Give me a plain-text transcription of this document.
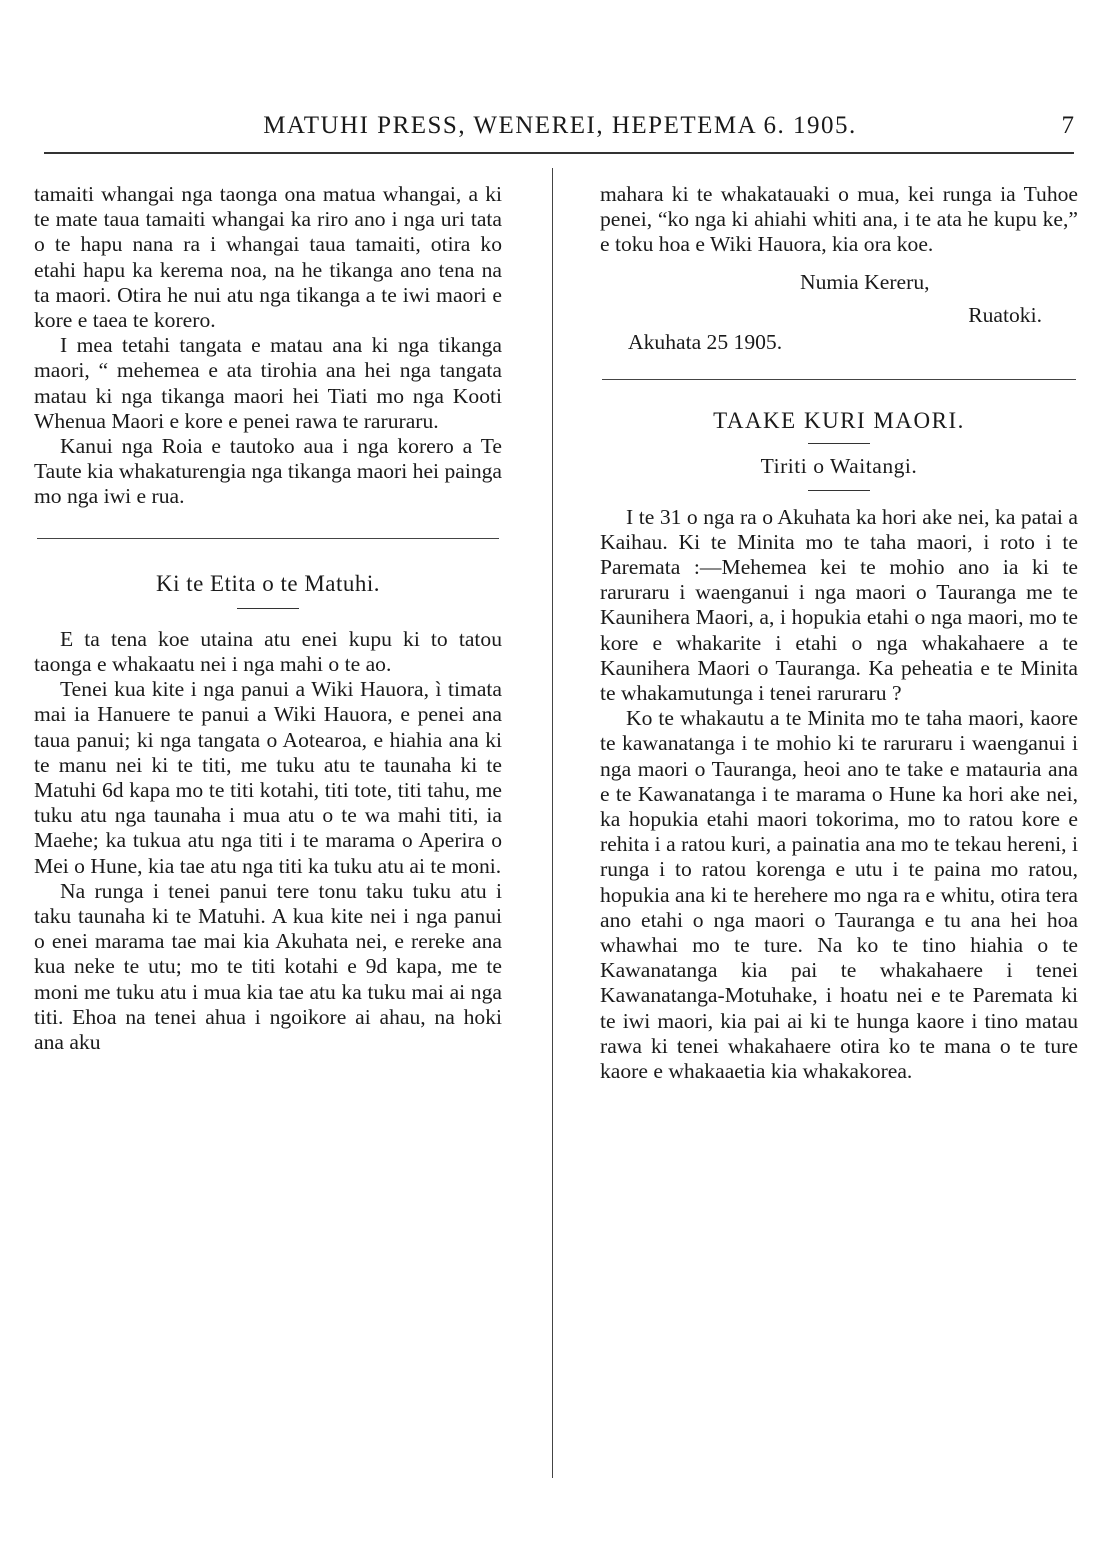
MATUHI PRESS, WENEREI, HEPETEMA 6. 1905.	7

tamaiti whangai nga taonga ona matua whangai, a ki te mate taua tamaiti whangai ka riro ano i nga uri tata o te hapu nana ra i whangai taua tamaiti, otira ko etahi hapu ka kerema noa, na he tikanga ano tena na ta maori. Otira he nui atu nga tikanga a te iwi maori e kore e taea te korero.

I mea tetahi tangata e matau ana ki nga tikanga maori, “ mehemea e ata tirohia ana hei nga tangata matau ki nga tikanga maori hei Tiati mo nga Kooti Whenua Maori e kore e penei rawa te raruraru.

Kanui nga Roia e tautoko aua i nga korero a Te Taute kia whakaturengia nga tikanga maori hei painga mo nga iwi e rua.

Ki te Etita o te Matuhi.

E ta tena koe utaina atu enei kupu ki to tatou taonga e whakaatu nei i nga mahi o te ao.

Tenei kua kite i nga panui a Wiki Hauora, ì timata mai ia Hanuere te panui a Wiki Hauora, e penei ana taua panui; ki nga tangata o Aotearoa, e hiahia ana ki te manu nei ki te titi, me tuku atu te taunaha ki te Matuhi 6d kapa mo te titi kotahi, titi tote, titi tahu, me tuku atu nga taunaha i mua atu o te wa mahi titi, ia Maehe; ka tukua atu nga titi i te marama o Aperira o Mei o Hune, kia tae atu nga titi ka tuku atu ai te moni.

Na runga i tenei panui tere tonu taku tuku atu i taku taunaha ki te Matuhi. A kua kite nei i nga panui o enei marama tae mai kia Akuhata nei, e rereke ana kua neke te utu; mo te titi kotahi e 9d kapa, me te moni me tuku atu i mua kia tae atu ka tuku mai ai nga titi. Ehoa na tenei ahua i ngoikore ai ahau, na hoki ana aku

mahara ki te whakatauaki o mua, kei runga ia Tuhoe penei, “ko nga ki ahiahi whiti ana, i te ata he kupu ke,” e toku hoa e Wiki Hauora, kia ora koe.

Numia Kereru,
Ruatoki.
Akuhata 25 1905.
TAAKE KURI MAORI.
Tiriti o Waitangi.

I te 31 o nga ra o Akuhata ka hori ake nei, ka patai a Kaihau. Ki te Minita mo te taha maori, i roto i te Paremata :—Mehemea kei te mohio ano ia ki te raruraru i waenganui i nga maori o Tauranga me te Kaunihera Maori, a, i hopukia etahi o nga maori, mo te kore e whakarite i etahi o nga whakahaere a te Kaunihera Maori o Tauranga. Ka peheatia e te Minita te whakamutunga i tenei raruraru ?

Ko te whakautu a te Minita mo te taha maori, kaore te kawanatanga i te mohio ki te raruraru i waenganui i nga maori o Tauranga, heoi ano te take e matauria ana e te Kawanatanga i te marama o Hune ka hori ake nei, ka hopukia etahi maori tokorima, mo to ratou kore e rehita i a ratou kuri, a painatia ana mo te tekau hereni, i runga i to ratou korenga e utu i te paina mo ratou, hopukia ana ki te herehere mo nga ra e whitu, otira tera ano etahi o nga maori o Tauranga e tu ana hei hoa whawhai mo te ture. Na ko te tino hiahia o te Kawanatanga kia pai te whakahaere i tenei Kawanatanga-Motuhake, i hoatu nei e te Paremata ki te iwi maori, kia pai ai ki te hunga kaore i tino matau rawa ki tenei whakahaere otira ko te mana o te ture kaore e whakaaetia kia whakakorea.
